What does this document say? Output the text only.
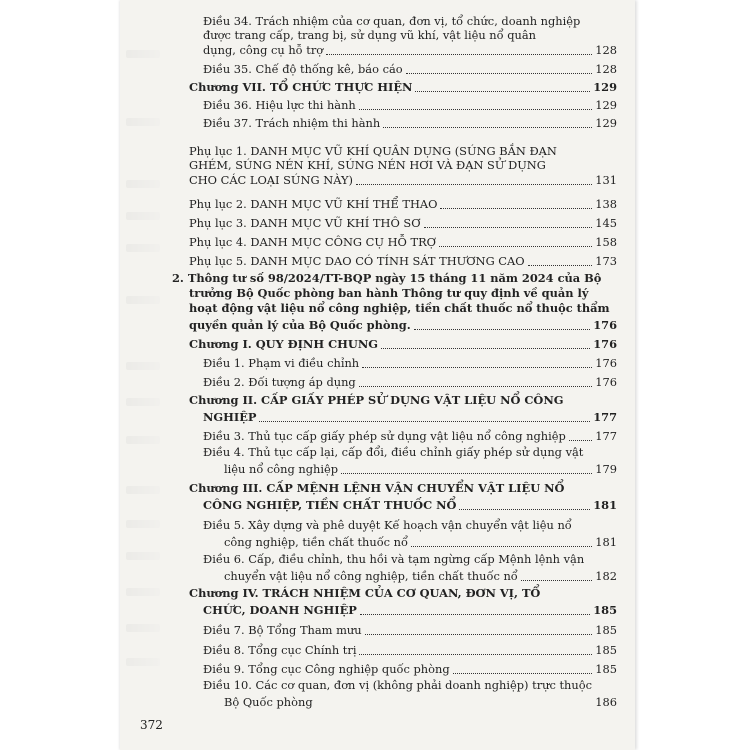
Điều 34. Trách nhiệm của cơ quan, đơn vị, tổ chức, doanh nghiệp
được trang cấp, trang bị, sử dụng vũ khí, vật liệu nổ quân
dụng, công cụ hỗ trợ	128
Điều 35. Chế độ thống kê, báo cáo	128
Chương VII. TỔ CHỨC THỰC HIỆN	129
Điều 36. Hiệu lực thi hành	129
Điều 37. Trách nhiệm thi hành	129
Phụ lục 1. DANH MỤC VŨ KHÍ QUÂN DỤNG (SÚNG BẮN ĐẠN
GHÉM, SÚNG NÉN KHÍ, SÚNG NÉN HƠI VÀ ĐẠN SỬ DỤNG
CHO CÁC LOẠI SÚNG NÀY)	131
Phụ lục 2. DANH MỤC VŨ KHÍ THỂ THAO	138
Phụ lục 3. DANH MỤC VŨ KHÍ THÔ SƠ	145
Phụ lục 4. DANH MỤC CÔNG CỤ HỖ TRỢ	158
Phụ lục 5. DANH MỤC DAO CÓ TÍNH SÁT THƯƠNG CAO	173
2. Thông tư số 98/2024/TT-BQP ngày 15 tháng 11 năm 2024 của Bộ
trưởng Bộ Quốc phòng ban hành Thông tư quy định về quản lý
hoạt động vật liệu nổ công nghiệp, tiền chất thuốc nổ thuộc thẩm
quyền quản lý của Bộ Quốc phòng.	176
Chương I. QUY ĐỊNH CHUNG	176
Điều 1. Phạm vi điều chỉnh	176
Điều 2. Đối tượng áp dụng	176
Chương II. CẤP GIẤY PHÉP SỬ DỤNG VẬT LIỆU NỔ CÔNG
NGHIỆP	177
Điều 3. Thủ tục cấp giấy phép sử dụng vật liệu nổ công nghiệp	177
Điều 4. Thủ tục cấp lại, cấp đổi, điều chỉnh giấy phép sử dụng vật
liệu nổ công nghiệp	179
Chương III. CẤP MỆNH LỆNH VẬN CHUYỂN VẬT LIỆU NỔ
CÔNG NGHIỆP, TIỀN CHẤT THUỐC NỔ	181
Điều 5. Xây dựng và phê duyệt Kế hoạch vận chuyển vật liệu nổ
công nghiệp, tiền chất thuốc nổ	181
Điều 6. Cấp, điều chỉnh, thu hồi và tạm ngừng cấp Mệnh lệnh vận
chuyển vật liệu nổ công nghiệp, tiền chất thuốc nổ	182
Chương IV. TRÁCH NHIỆM CỦA CƠ QUAN, ĐƠN VỊ, TỔ
CHỨC, DOANH NGHIỆP	185
Điều 7. Bộ Tổng Tham mưu	185
Điều 8. Tổng cục Chính trị	185
Điều 9. Tổng cục Công nghiệp quốc phòng	185
Điều 10. Các cơ quan, đơn vị (không phải doanh nghiệp) trực thuộc
Bộ Quốc phòng	186
372
